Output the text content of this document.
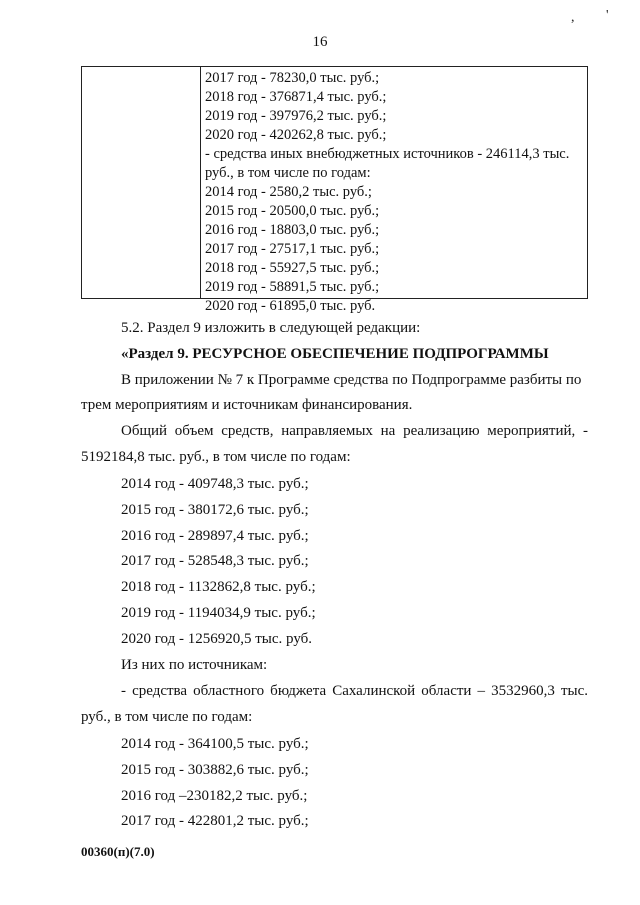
, '
16
2017 год - 78230,0 тыс. руб.;
2018 год - 376871,4 тыс. руб.;
2019 год - 397976,2 тыс. руб.;
2020 год - 420262,8 тыс. руб.;
- средства иных внебюджетных источников - 246114,3 тыс.
руб., в том числе по годам:
2014 год - 2580,2 тыс. руб.;
2015 год - 20500,0 тыс. руб.;
2016 год - 18803,0 тыс. руб.;
2017 год - 27517,1 тыс. руб.;
2018 год - 55927,5 тыс. руб.;
2019 год - 58891,5 тыс. руб.;
2020 год - 61895,0 тыс. руб.
5.2. Раздел 9 изложить в следующей редакции:
«Раздел 9. РЕСУРСНОЕ ОБЕСПЕЧЕНИЕ ПОДПРОГРАММЫ
В приложении № 7 к Программе средства по Подпрограмме разбиты по
трем мероприятиям и источникам финансирования.
Общий объем средств, направляемых на реализацию мероприятий, -
5192184,8 тыс. руб., в том числе по годам:
2014 год - 409748,3 тыс. руб.;
2015 год - 380172,6 тыс. руб.;
2016 год - 289897,4 тыс. руб.;
2017 год - 528548,3 тыс. руб.;
2018 год - 1132862,8 тыс. руб.;
2019 год - 1194034,9 тыс. руб.;
2020 год - 1256920,5 тыс. руб.
Из них по источникам:
- средства областного бюджета Сахалинской области – 3532960,3 тыс.
руб., в том числе по годам:
2014 год - 364100,5 тыс. руб.;
2015 год - 303882,6 тыс. руб.;
2016 год –230182,2 тыс. руб.;
2017 год - 422801,2 тыс. руб.;
00360(п)(7.0)
